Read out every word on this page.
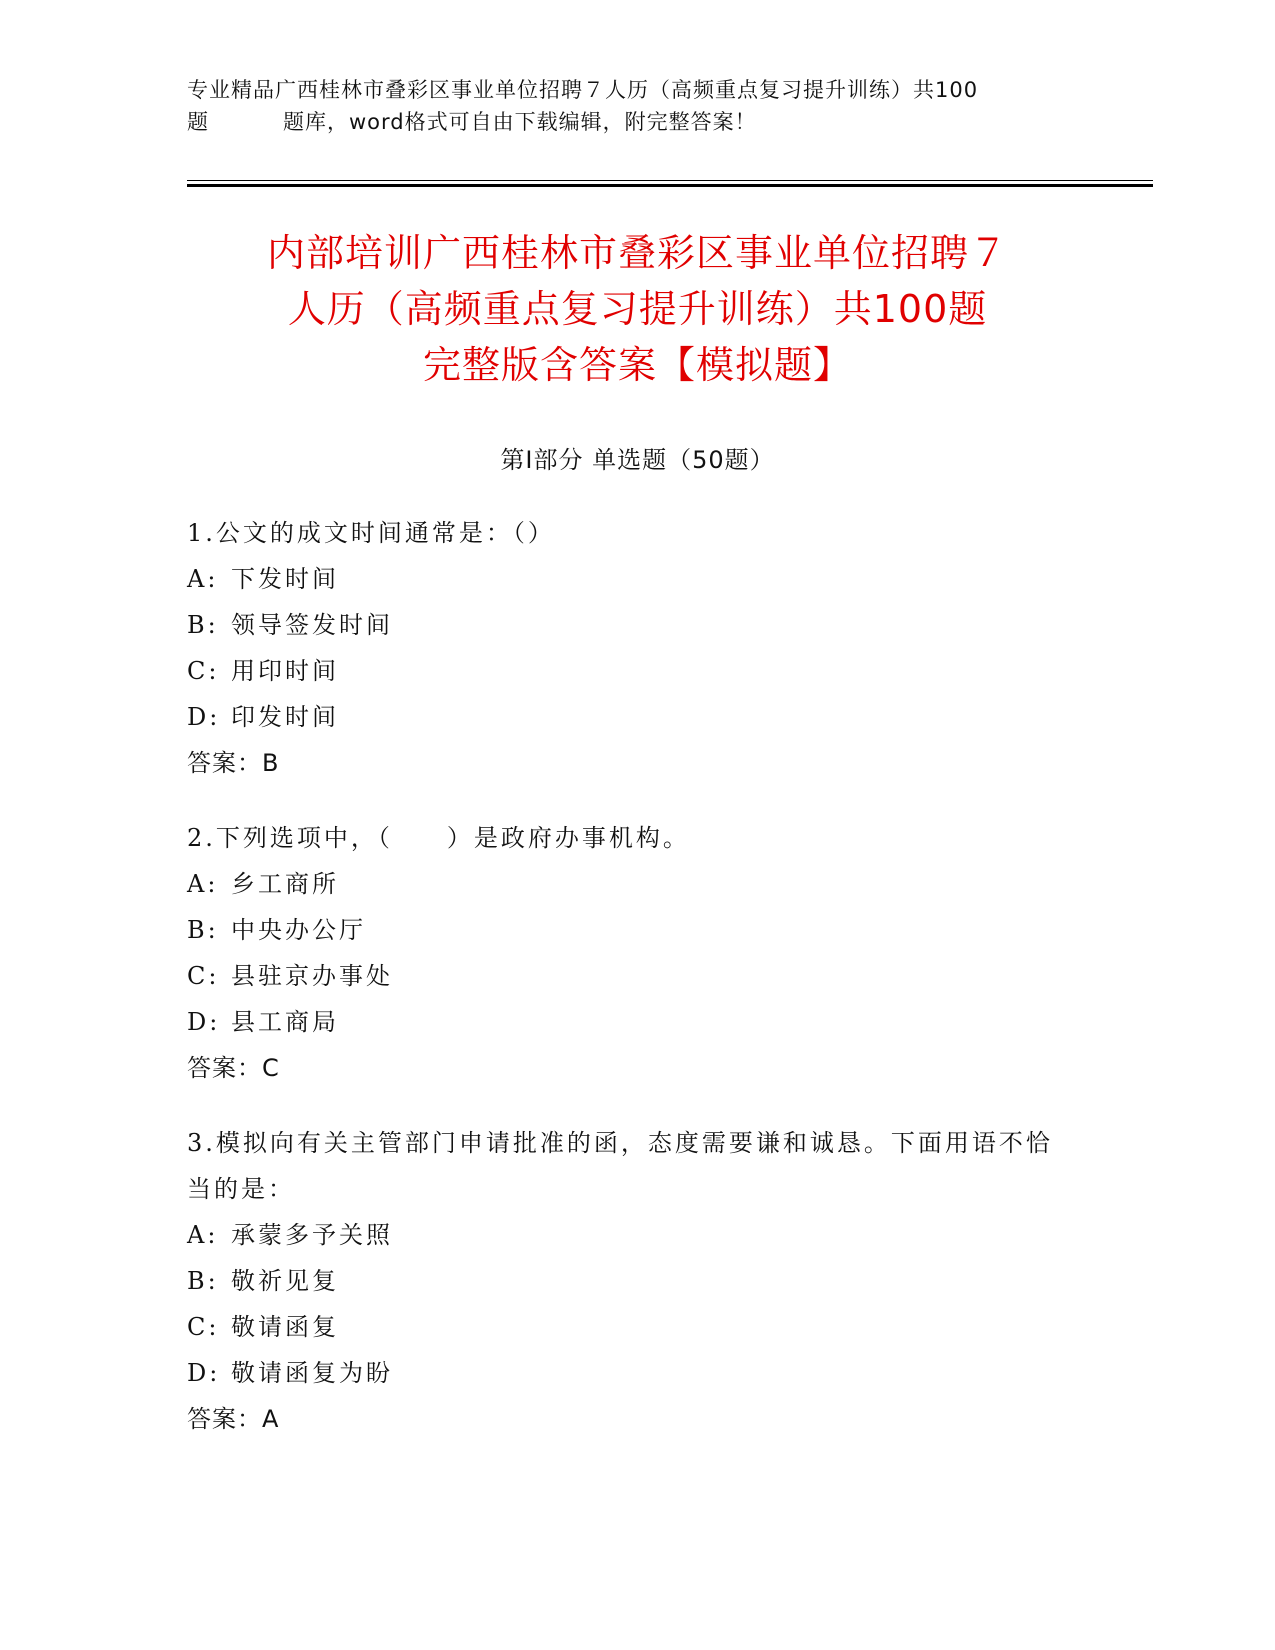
专业精品广西桂林市叠彩区事业单位招聘７人历（高频重点复习提升训练）共100
题	题库，word格式可自由下载编辑，附完整答案！
内部培训广西桂林市叠彩区事业单位招聘７
人历（高频重点复习提升训练）共100题
完整版含答案【模拟题】
第Ⅰ部分 单选题（50题）
1.公文的成文时间通常是：（）
A: 下发时间
B: 领导签发时间
C: 用印时间
D: 印发时间
答案：B
2.下列选项中，（　　）是政府办事机构。
A: 乡工商所
B: 中央办公厅
C: 县驻京办事处
D: 县工商局
答案：C
3.模拟向有关主管部门申请批准的函，态度需要谦和诚恳。下面用语不恰当的是：
A: 承蒙多予关照
B: 敬祈见复
C: 敬请函复
D: 敬请函复为盼
答案：A
